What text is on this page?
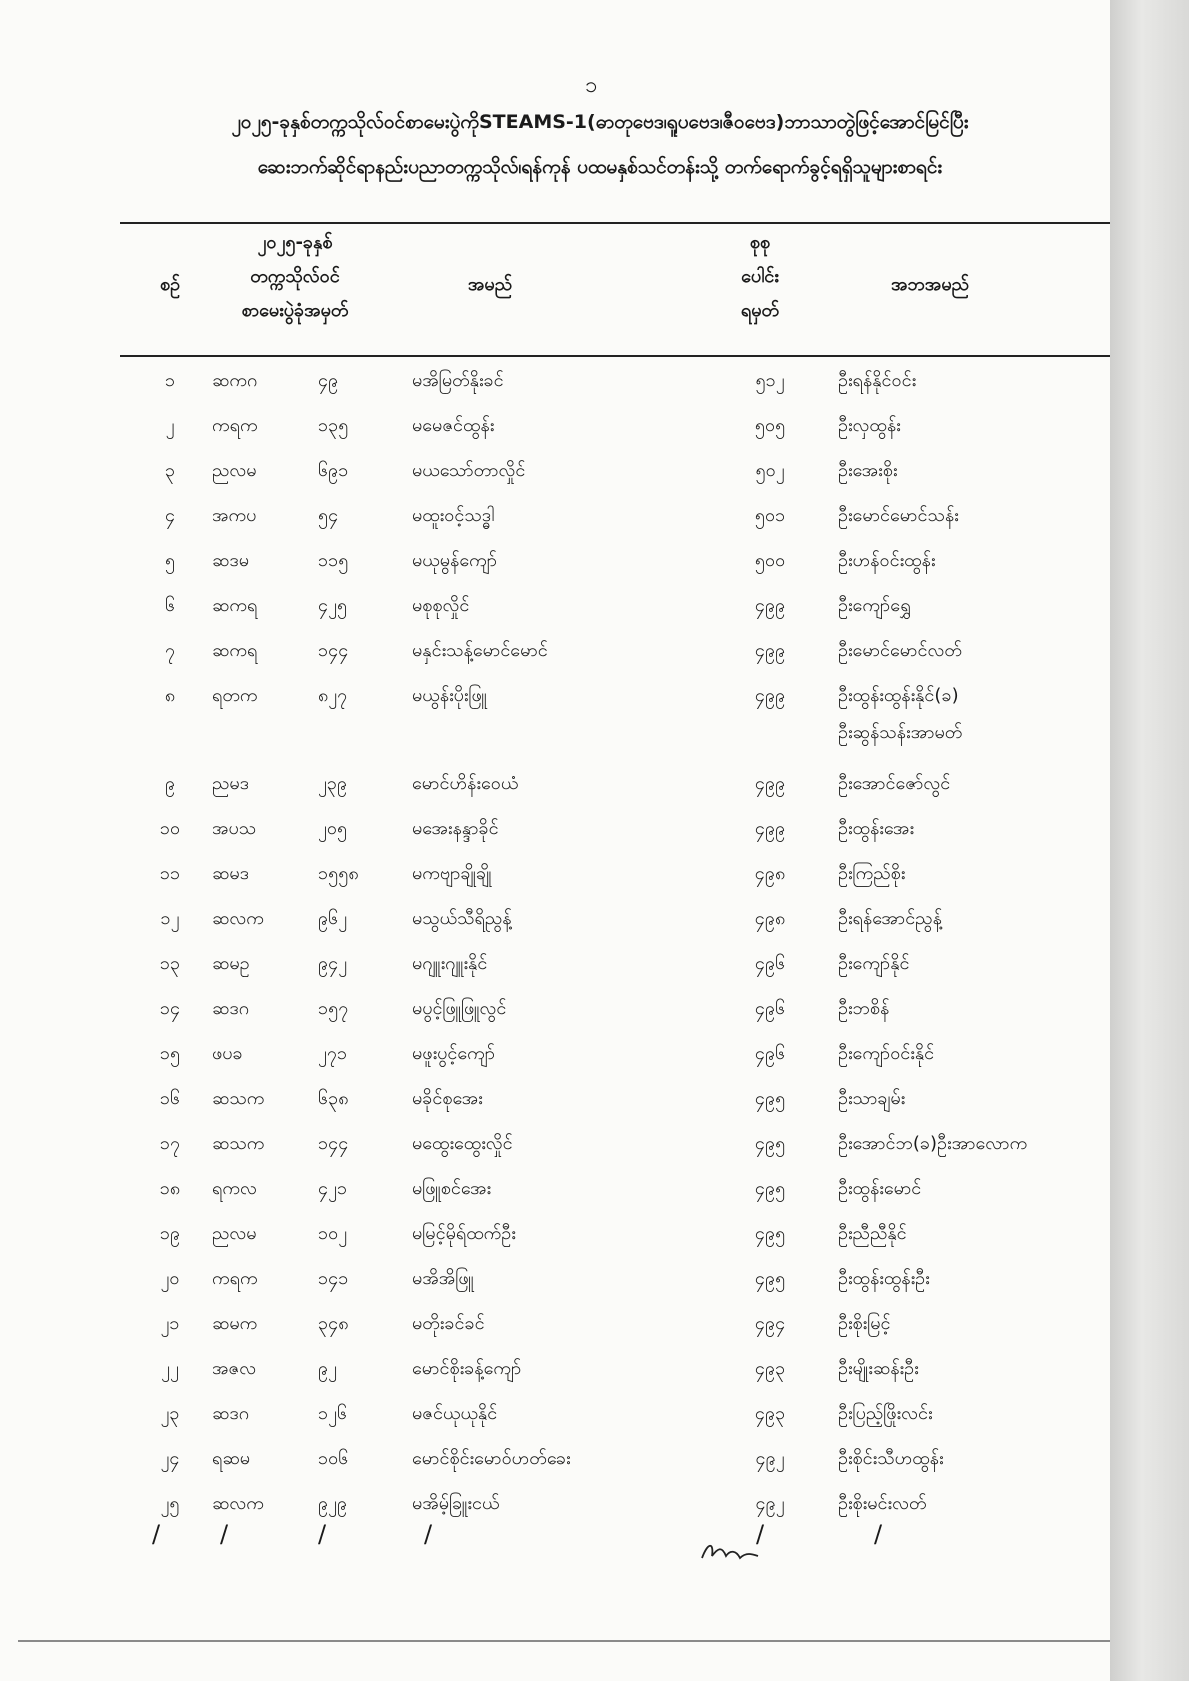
၁
၂၀၂၅-ခုနှစ်တက္ကသိုလ်ဝင်စာမေးပွဲကိုSTEAMS-1(ဓာတုဗေဒ၊ရူပဗေဒ၊ဇီဝဗေဒ)ဘာသာတွဲဖြင့်အောင်မြင်ပြီး
ဆေးဘက်ဆိုင်ရာနည်းပညာတက္ကသိုလ်၊ရန်ကုန် ပထမနှစ်သင်တန်းသို့ တက်ရောက်ခွင့်ရရှိသူများစာရင်း
စဉ်
၂၀၂၅-ခုနှစ်
တက္ကသိုလ်ဝင်
စာမေးပွဲခုံအမှတ်
အမည်
စုစု
ပေါင်း
ရမှတ်
အဘအမည်
၁	ဆကဂ	၄၉	မအိမြတ်နိုးခင်	၅၁၂	ဦးရန်နိုင်ဝင်း
၂	ကရက	၁၃၅	မမေဇင်ထွန်း	၅၀၅	ဦးလှထွန်း
၃	ညလမ	၆၉၁	မယသော်တာလှိုင်	၅၀၂	ဦးအေးစိုး
၄	အကပ	၅၄	မထူးဝင့်သဒ္ဓါ	၅၀၁	ဦးမောင်မောင်သန်း
၅	ဆဒမ	၁၁၅	မယုမွန်ကျော်	၅၀၀	ဦးဟန်ဝင်းထွန်း
၆	ဆကရ	၄၂၅	မစုစုလှိုင်	၄၉၉	ဦးကျော်ရွှေ
၇	ဆကရ	၁၄၄	မနှင်းသန့်မောင်မောင်	၄၉၉	ဦးမောင်မောင်လတ်
၈	ရတက	၈၂၇	မယွန်းပိုးဖြူ	၄၉၉	ဦးထွန်းထွန်းနိုင်(ခ)
ဦးဆွန်သန်းအာမတ်
၉	ညမဒ	၂၃၉	မောင်ဟိန်းဝေယံ	၄၉၉	ဦးအောင်ဇော်လွင်
၁၀	အပသ	၂၀၅	မအေးနန္ဒာခိုင်	၄၉၉	ဦးထွန်းအေး
၁၁	ဆမဒ	၁၅၅၈	မကဗျာချိုချို	၄၉၈	ဦးကြည်စိုး
၁၂	ဆလက	၉၆၂	မသွယ်သီရိညွန့်	၄၉၈	ဦးရန်အောင်ညွန့်
၁၃	ဆမဥ	၉၄၂	မဂျူးဂျူးနိုင်	၄၉၆	ဦးကျော်နိုင်
၁၄	ဆဒဂ	၁၅၇	မပွင့်ဖြူဖြူလွင်	၄၉၆	ဦးဘစိန်
၁၅	ဖပခ	၂၇၁	မဖူးပွင့်ကျော်	၄၉၆	ဦးကျော်ဝင်းနိုင်
၁၆	ဆသက	၆၃၈	မခိုင်စုအေး	၄၉၅	ဦးသာချမ်း
၁၇	ဆသက	၁၄၄	မထွေးထွေးလှိုင်	၄၉၅	ဦးအောင်ဘ(ခ)ဦးအာလောက
၁၈	ရကလ	၄၂၁	မဖြူစင်အေး	၄၉၅	ဦးထွန်းမောင်
၁၉	ညလမ	၁၀၂	မမြင့်မိုရ်ထက်ဦး	၄၉၅	ဦးညီညီနိုင်
၂၀	ကရက	၁၄၁	မအိအိဖြူ	၄၉၅	ဦးထွန်းထွန်းဦး
၂၁	ဆမက	၃၄၈	မတိုးခင်ခင်	၄၉၄	ဦးစိုးမြင့်
၂၂	အဇလ	၉၂	မောင်စိုးခန့်ကျော်	၄၉၃	ဦးမျိုးဆန်းဦး
၂၃	ဆဒဂ	၁၂၆	မဇင်ယုယုနိုင်	၄၉၃	ဦးပြည့်ဖြိုးလင်း
၂၄	ရဆမ	၁၀၆	မောင်စိုင်းမောဝ်ဟတ်ခေး	၄၉၂	ဦးစိုင်းသီဟထွန်း
၂၅	ဆလက	၉၂၉	မအိမ့်ခြူးငယ်	၄၉၂	ဦးစိုးမင်းလတ်
/ /	/	/	/	/
